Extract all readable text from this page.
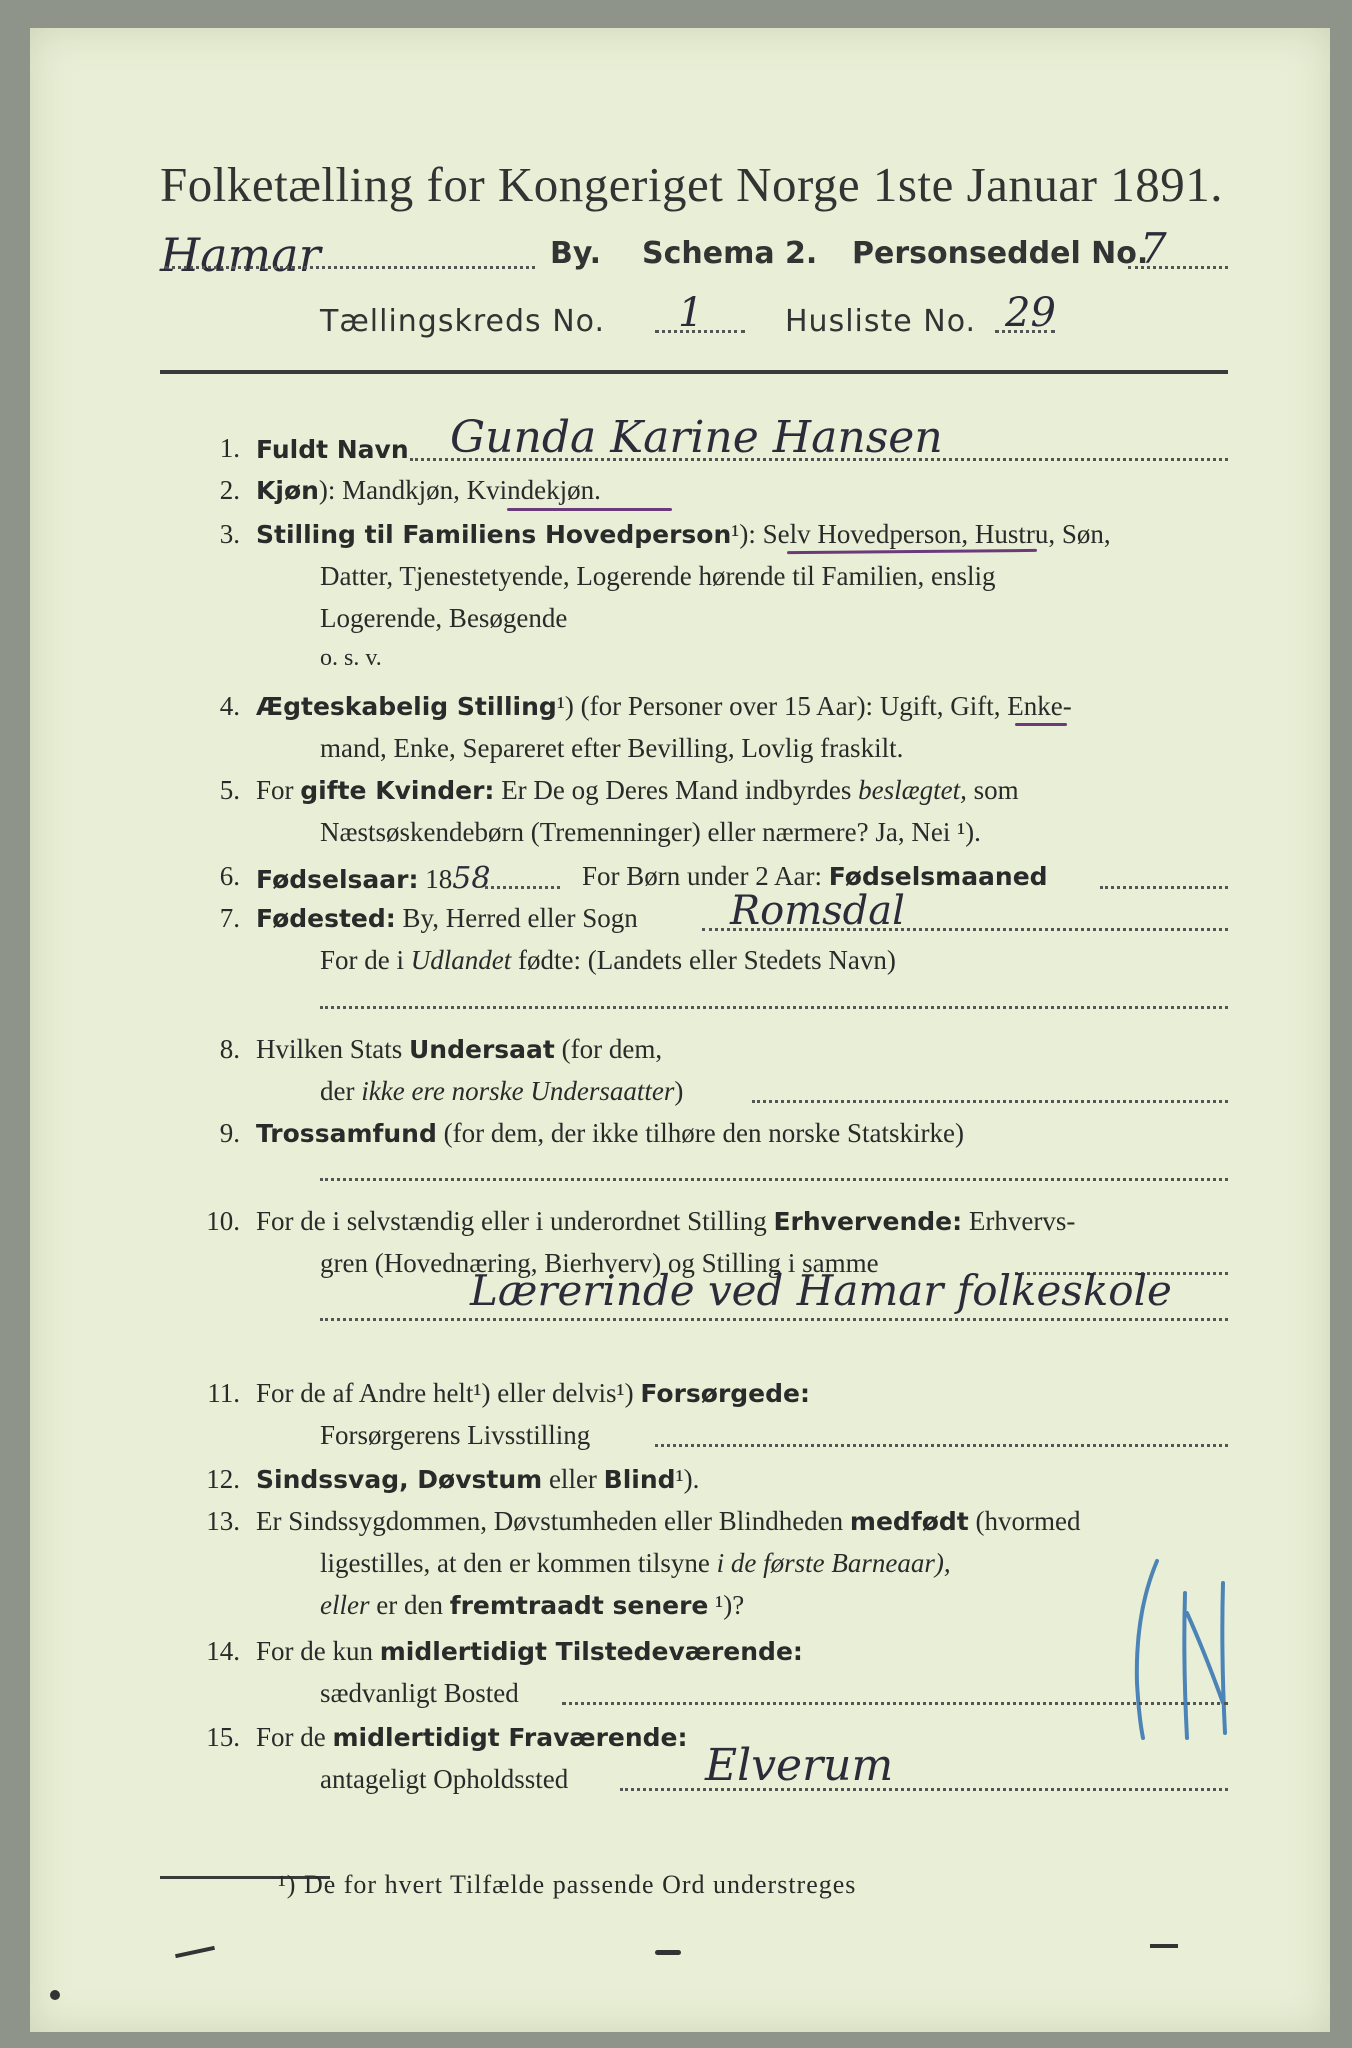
Folketælling for Kongeriget Norge 1ste Januar 1891.
Hamar	By. Schema 2. Personseddel No.
7
Tællingskreds No. 1	Husliste No. 29
1. Fuldt Navn Gunda Karine Hansen
2. Kjøn): Mandkjøn, Kvindekjøn.
3. Stilling til Familiens Hovedperson¹): Selv Hovedperson, Hustru, Søn,
Datter, Tjenestetyende, Logerende hørende til Familien, enslig
Logerende, Besøgende
o. s. v.
4. Ægteskabelig Stilling¹) (for Personer over 15 Aar): Ugift, Gift, Enke-
mand, Enke, Separeret efter Bevilling, Lovlig fraskilt.
5. For gifte Kvinder: Er De og Deres Mand indbyrdes beslægtet, som
Næstsøskendebørn (Tremenninger) eller nærmere? Ja, Nei ¹).
6. Fødselsaar: 1858	For Børn under 2 Aar: Fødselsmaaned
7. Fødested: By, Herred eller Sogn Romsdal
For de i Udlandet fødte: (Landets eller Stedets Navn)
8. Hvilken Stats Undersaat (for dem,
der ikke ere norske Undersaatter)
9. Trossamfund (for dem, der ikke tilhøre den norske Statskirke)
10. For de i selvstændig eller i underordnet Stilling Erhvervende: Erhvervs-
gren (Hovednæring, Bierhverv) og Stilling i samme
Lærerinde ved Hamar folkeskole
11. For de af Andre helt¹) eller delvis¹) Forsørgede:
Forsørgerens Livsstilling
12. Sindssvag, Døvstum eller Blind¹).
13. Er Sindssygdommen, Døvstumheden eller Blindheden medfødt (hvormed
ligestilles, at den er kommen tilsyne i de første Barneaar),
eller er den fremtraadt senere ¹)?
14. For de kun midlertidigt Tilstedeværende:
sædvanligt Bosted
15. For de midlertidigt Fraværende:
antageligt Opholdssted	Elverum
¹) De for hvert Tilfælde passende Ord understreges
